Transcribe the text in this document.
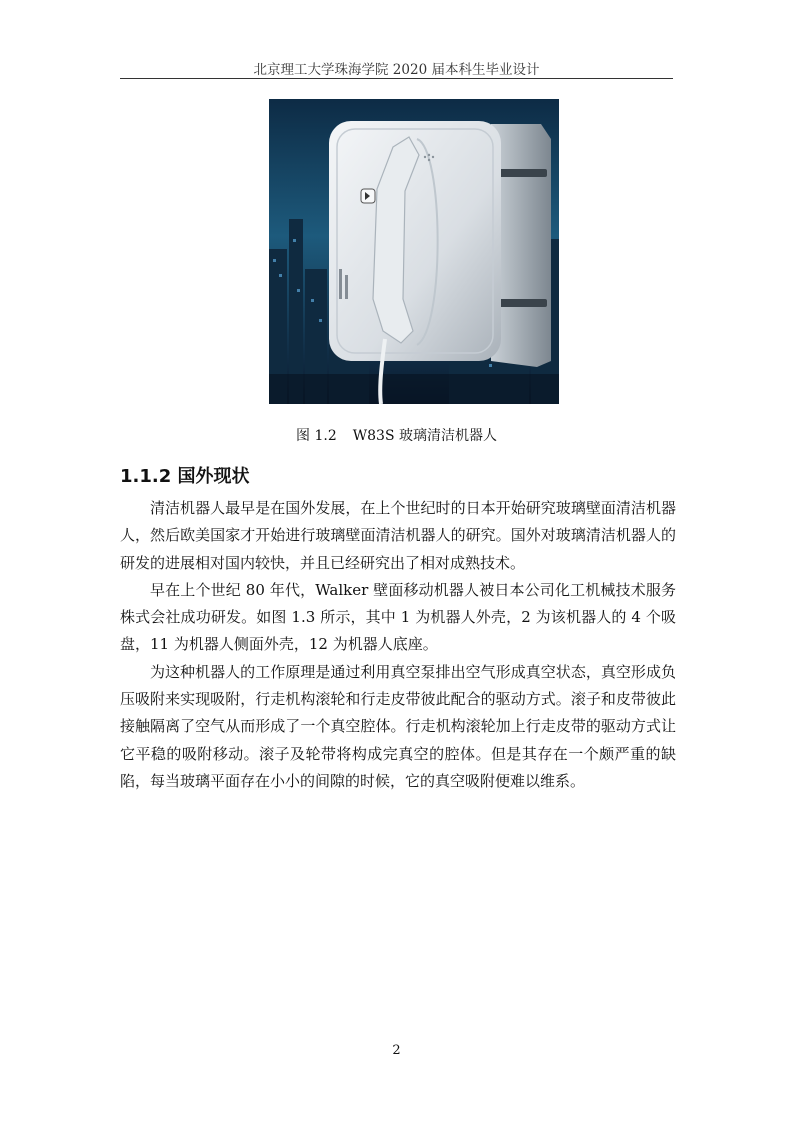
北京理工大学珠海学院 2020 届本科生毕业设计
图 1.2 W83S 玻璃清洁机器人
1.1.2 国外现状

清洁机器人最早是在国外发展，在上个世纪时的日本开始研究玻璃壁面清洁机器人，然后欧美国家才开始进行玻璃壁面清洁机器人的研究。国外对玻璃清洁机器人的研发的进展相对国内较快，并且已经研究出了相对成熟技术。

早在上个世纪 80 年代，Walker 壁面移动机器人被日本公司化工机械技术服务株式会社成功研发。如图 1.3 所示，其中 1 为机器人外壳，2 为该机器人的 4 个吸盘，11 为机器人侧面外壳，12 为机器人底座。

为这种机器人的工作原理是通过利用真空泵排出空气形成真空状态，真空形成负压吸附来实现吸附，行走机构滚轮和行走皮带彼此配合的驱动方式。滚子和皮带彼此接触隔离了空气从而形成了一个真空腔体。行走机构滚轮加上行走皮带的驱动方式让它平稳的吸附移动。滚子及轮带将构成完真空的腔体。但是其存在一个颇严重的缺陷，每当玻璃平面存在小小的间隙的时候，它的真空吸附便难以维系。

2
